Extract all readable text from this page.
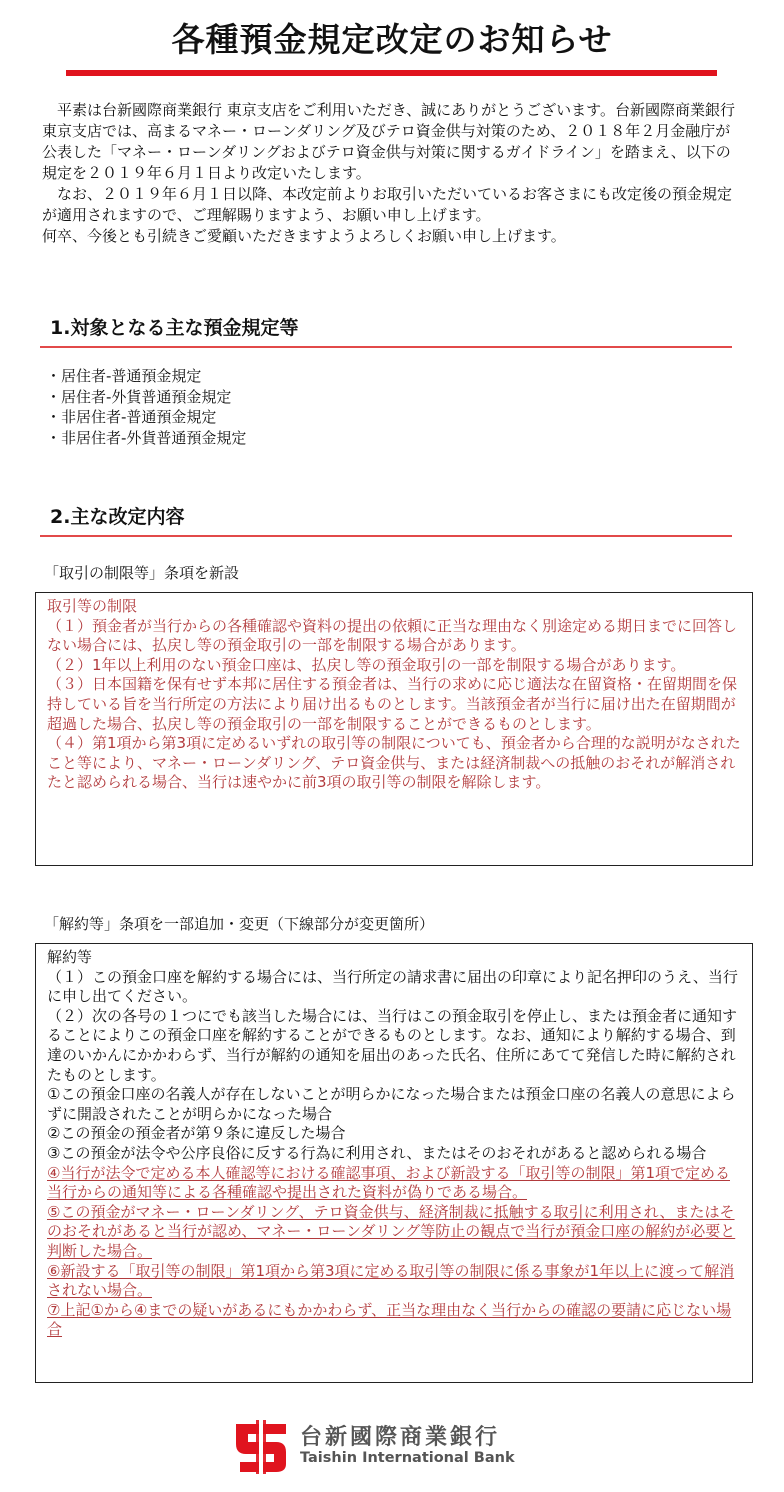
各種預金規定改定のお知らせ

　平素は台新國際商業銀行 東京支店をご利用いただき、誠にありがとうございます。台新國際商業銀行 東京支店では、高まるマネー・ローンダリング及びテロ資金供与対策のため、２０１８年２月金融庁が公表した「マネー・ローンダリングおよびテロ資金供与対策に関するガイドライン」を踏まえ、以下の規定を２０１９年６月１日より改定いたします。

　なお、２０１９年６月１日以降、本改定前よりお取引いただいているお客さまにも改定後の預金規定が適用されますので、ご理解賜りますよう、お願い申し上げます。

何卒、今後とも引続きご愛顧いただきますようよろしくお願い申し上げます。

1.対象となる主な預金規定等
・居住者-普通預金規定
・居住者-外貨普通預金規定
・非居住者-普通預金規定
・非居住者-外貨普通預金規定
2.主な改定内容

「取引の制限等」条項を新設

取引等の制限

（１）預金者が当行からの各種確認や資料の提出の依頼に正当な理由なく別途定める期日までに回答しない場合には、払戻し等の預金取引の一部を制限する場合があります。

（２）1年以上利用のない預金口座は、払戻し等の預金取引の一部を制限する場合があります。

（３）日本国籍を保有せず本邦に居住する預金者は、当行の求めに応じ適法な在留資格・在留期間を保持している旨を当行所定の方法により届け出るものとします。当該預金者が当行に届け出た在留期間が超過した場合、払戻し等の預金取引の一部を制限することができるものとします。

（４）第1項から第3項に定めるいずれの取引等の制限についても、預金者から合理的な説明がなされたこと等により、マネー・ローンダリング、テロ資金供与、または経済制裁への抵触のおそれが解消されたと認められる場合、当行は速やかに前3項の取引等の制限を解除します。

「解約等」条項を一部追加・変更（下線部分が変更箇所）

解約等

（１）この預金口座を解約する場合には、当行所定の請求書に届出の印章により記名押印のうえ、当行に申し出てください。

（２）次の各号の１つにでも該当した場合には、当行はこの預金取引を停止し、または預金者に通知することによりこの預金口座を解約することができるものとします。なお、通知により解約する場合、到達のいかんにかかわらず、当行が解約の通知を届出のあった氏名、住所にあてて発信した時に解約されたものとします。

①この預金口座の名義人が存在しないことが明らかになった場合または預金口座の名義人の意思によらずに開設されたことが明らかになった場合

②この預金の預金者が第９条に違反した場合

③この預金が法令や公序良俗に反する行為に利用され、またはそのおそれがあると認められる場合

④当行が法令で定める本人確認等における確認事項、および新設する「取引等の制限」第1項で定める当行からの通知等による各種確認や提出された資料が偽りである場合。

⑤この預金がマネー・ローンダリング、テロ資金供与、経済制裁に抵触する取引に利用され、またはそのおそれがあると当行が認め、マネー・ローンダリング等防止の観点で当行が預金口座の解約が必要と判断した場合。

⑥新設する「取引等の制限」第1項から第3項に定める取引等の制限に係る事象が1年以上に渡って解消されない場合。

⑦上記①から④までの疑いがあるにもかかわらず、正当な理由なく当行からの確認の要請に応じない場合

台新國際商業銀行

Taishin International Bank
